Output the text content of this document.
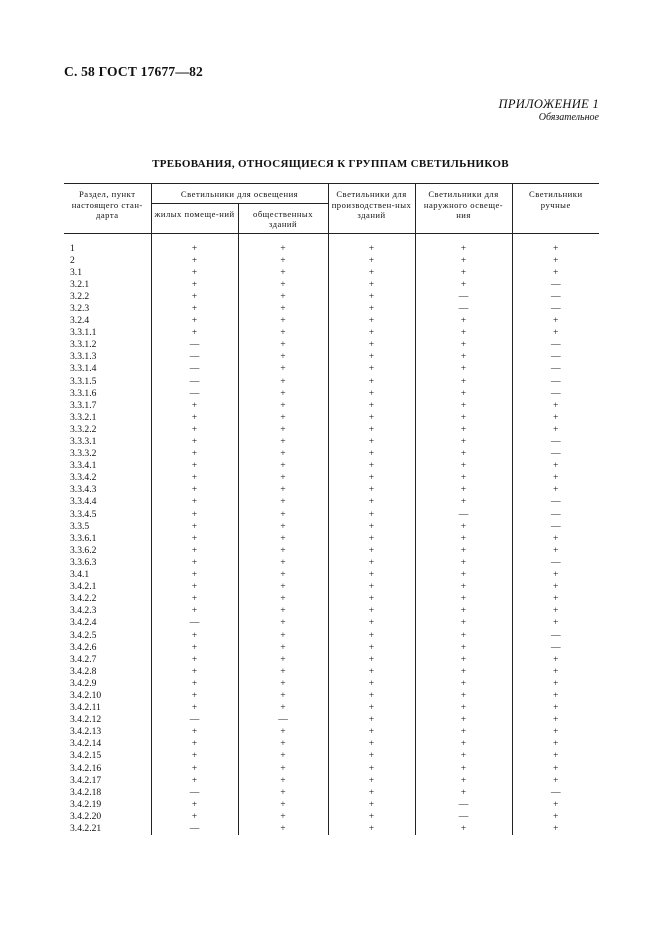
С. 58 ГОСТ 17677—82
ПРИЛОЖЕНИЕ 1
Обязательное
ТРЕБОВАНИЯ, ОТНОСЯЩИЕСЯ К ГРУППАМ СВЕТИЛЬНИКОВ
Раздел, пункт настоящего стан-дарта	Светильники для освещения		Светильники для производствен-ных зданий	Светильники для наружного освеще-ния	Светильники ручные
	жилых помеще-ний	общественных зданий			
1	+	+	+	+	+
2	+	+	+	+	+
3.1	+	+	+	+	+
3.2.1	+	+	+	+	—
3.2.2	+	+	+	—	—
3.2.3	+	+	+	—	—
3.2.4	+	+	+	+	+
3.3.1.1	+	+	+	+	+
3.3.1.2	—	+	+	+	—
3.3.1.3	—	+	+	+	—
3.3.1.4	—	+	+	+	—
3.3.1.5	—	+	+	+	—
3.3.1.6	—	+	+	+	—
3.3.1.7	+	+	+	+	+
3.3.2.1	+	+	+	+	+
3.3.2.2	+	+	+	+	+
3.3.3.1	+	+	+	+	—
3.3.3.2	+	+	+	+	—
3.3.4.1	+	+	+	+	+
3.3.4.2	+	+	+	+	+
3.3.4.3	+	+	+	+	+
3.3.4.4	+	+	+	+	—
3.3.4.5	+	+	+	—	—
3.3.5	+	+	+	+	—
3.3.6.1	+	+	+	+	+
3.3.6.2	+	+	+	+	+
3.3.6.3	+	+	+	+	—
3.4.1	+	+	+	+	+
3.4.2.1	+	+	+	+	+
3.4.2.2	+	+	+	+	+
3.4.2.3	+	+	+	+	+
3.4.2.4	—	+	+	+	+
3.4.2.5	+	+	+	+	—
3.4.2.6	+	+	+	+	—
3.4.2.7	+	+	+	+	+
3.4.2.8	+	+	+	+	+
3.4.2.9	+	+	+	+	+
3.4.2.10	+	+	+	+	+
3.4.2.11	+	+	+	+	+
3.4.2.12	—	—	+	+	+
3.4.2.13	+	+	+	+	+
3.4.2.14	+	+	+	+	+
3.4.2.15	+	+	+	+	+
3.4.2.16	+	+	+	+	+
3.4.2.17	+	+	+	+	+
3.4.2.18	—	+	+	+	—
3.4.2.19	+	+	+	—	+
3.4.2.20	+	+	+	—	+
3.4.2.21	—	+	+	+	+
